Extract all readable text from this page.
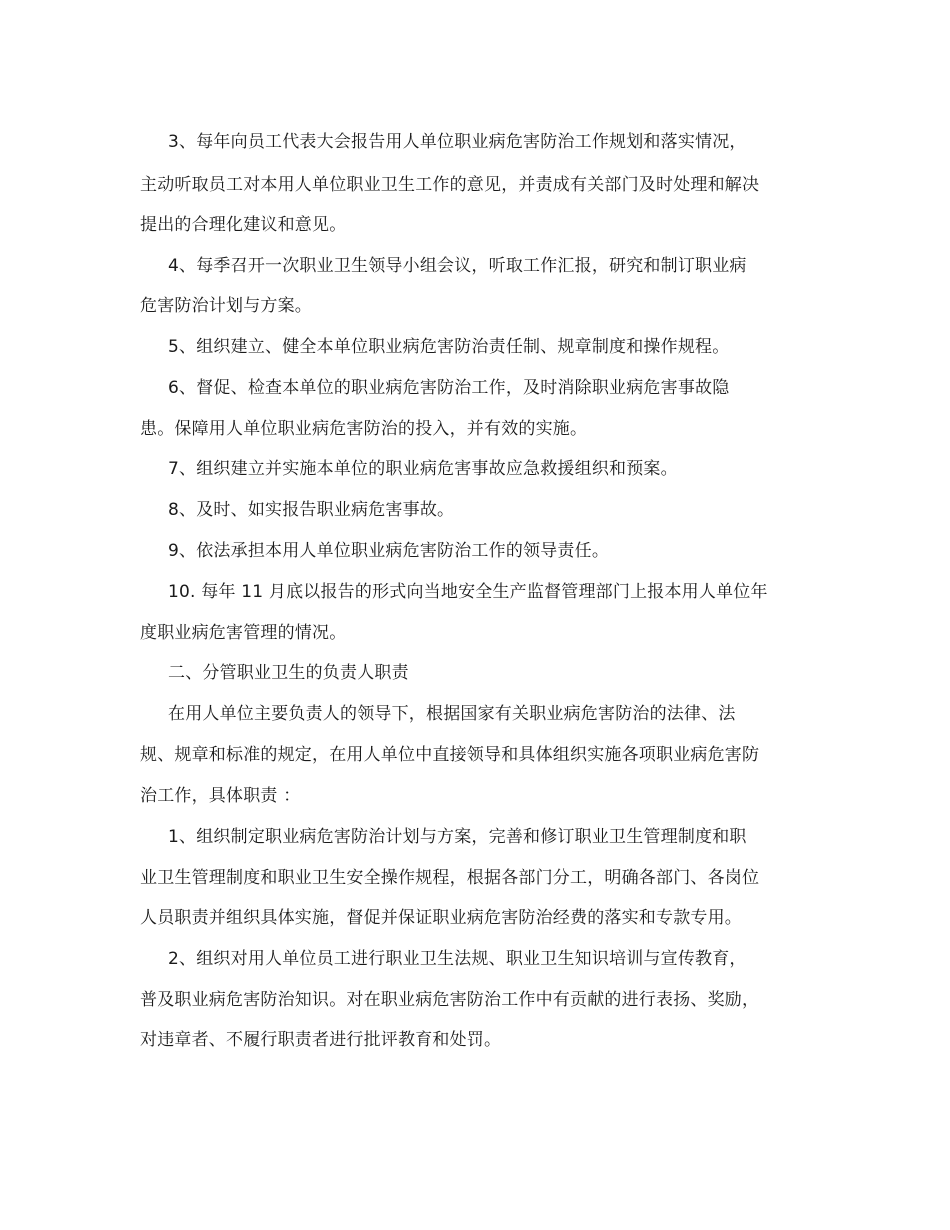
3、每年向员工代表大会报告用人单位职业病危害防治工作规划和落实情况，

主动听取员工对本用人单位职业卫生工作的意见，并责成有关部门及时处理和解决

提出的合理化建议和意见。

4、每季召开一次职业卫生领导小组会议，听取工作汇报，研究和制订职业病

危害防治计划与方案。

5、组织建立、健全本单位职业病危害防治责任制、规章制度和操作规程。

6、督促、检查本单位的职业病危害防治工作，及时消除职业病危害事故隐

患。保障用人单位职业病危害防治的投入，并有效的实施。

7、组织建立并实施本单位的职业病危害事故应急救援组织和预案。

8、及时、如实报告职业病危害事故。

9、依法承担本用人单位职业病危害防治工作的领导责任。

10. 每年 11 月底以报告的形式向当地安全生产监督管理部门上报本用人单位年

度职业病危害管理的情况。

二、分管职业卫生的负责人职责

在用人单位主要负责人的领导下，根据国家有关职业病危害防治的法律、法

规、规章和标准的规定，在用人单位中直接领导和具体组织实施各项职业病危害防

治工作，具体职责 ：

1、组织制定职业病危害防治计划与方案，完善和修订职业卫生管理制度和职

业卫生管理制度和职业卫生安全操作规程，根据各部门分工，明确各部门、各岗位

人员职责并组织具体实施，督促并保证职业病危害防治经费的落实和专款专用。

2、组织对用人单位员工进行职业卫生法规、职业卫生知识培训与宣传教育，

普及职业病危害防治知识。对在职业病危害防治工作中有贡献的进行表扬、奖励，

对违章者、不履行职责者进行批评教育和处罚。
